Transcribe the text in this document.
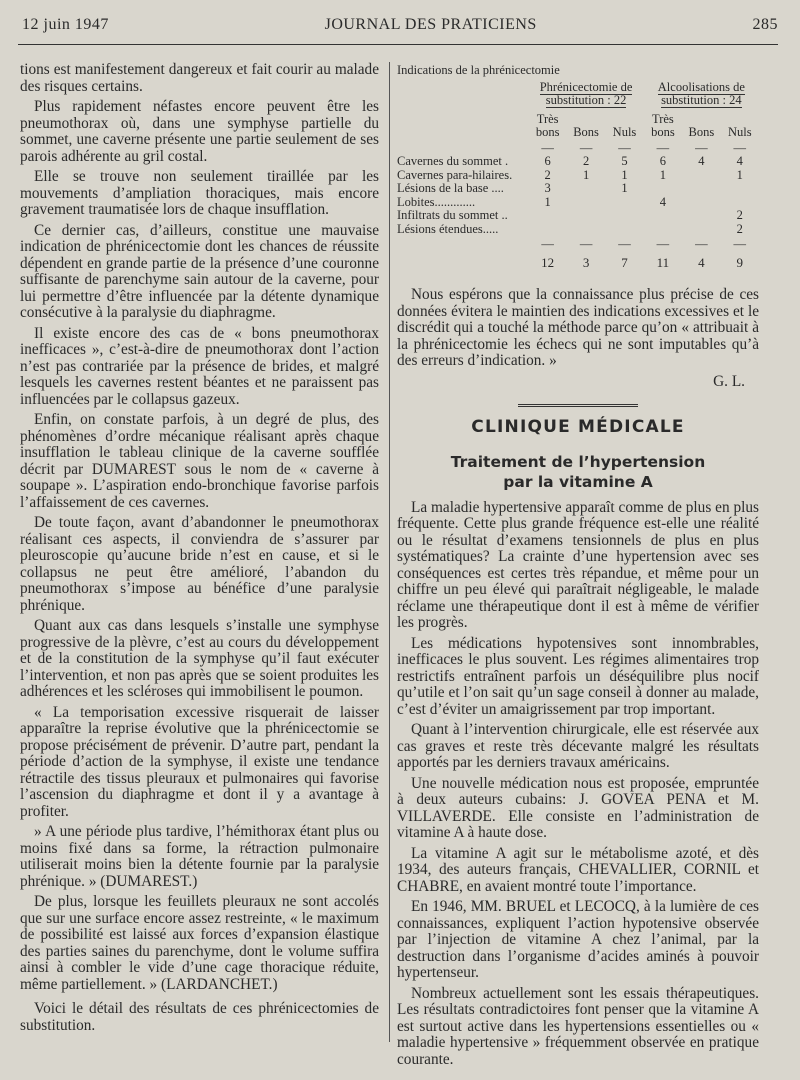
12 juin 1947	JOURNAL DES PRATICIENS	285

tions est manifestement dangereux et fait courir au malade des risques certains.

Plus rapidement néfastes encore peuvent être les pneumothorax où, dans une symphyse partielle du sommet, une caverne présente une partie seulement de ses parois adhérente au gril costal.

Elle se trouve non seulement tiraillée par les mouvements d’ampliation thoraciques, mais encore gravement traumatisée lors de chaque insufflation.

Ce dernier cas, d’ailleurs, constitue une mauvaise indication de phrénicectomie dont les chances de réussite dépendent en grande partie de la présence d’une couronne suffisante de parenchyme sain autour de la caverne, pour lui permettre d’être influencée par la détente dynamique consécutive à la paralysie du diaphragme.

Il existe encore des cas de « bons pneumothorax inefficaces », c’est-à-dire de pneumothorax dont l’action n’est pas contrariée par la présence de brides, et malgré lesquels les cavernes restent béantes et ne paraissent pas influencées par le collapsus gazeux.

Enfin, on constate parfois, à un degré de plus, des phénomènes d’ordre mécanique réalisant après chaque insufflation le tableau clinique de la caverne soufflée décrit par DUMAREST sous le nom de « caverne à soupape ». L’aspiration endo-bronchique favorise parfois l’affaissement de ces cavernes.

De toute façon, avant d’abandonner le pneumothorax réalisant ces aspects, il conviendra de s’assurer par pleuroscopie qu’aucune bride n’est en cause, et si le collapsus ne peut être amélioré, l’abandon du pneumothorax s’impose au bénéfice d’une paralysie phrénique.

Quant aux cas dans lesquels s’installe une symphyse progressive de la plèvre, c’est au cours du développement et de la constitution de la symphyse qu’il faut exécuter l’intervention, et non pas après que se soient produites les adhérences et les scléroses qui immobilisent le poumon.

« La temporisation excessive risquerait de laisser apparaître la reprise évolutive que la phrénicectomie se propose précisément de prévenir. D’autre part, pendant la période d’action de la symphyse, il existe une tendance rétractile des tissus pleuraux et pulmonaires qui favorise l’ascension du diaphragme et dont il y a avantage à profiter.

» A une période plus tardive, l’hémithorax étant plus ou moins fixé dans sa forme, la rétraction pulmonaire utiliserait moins bien la détente fournie par la paralysie phrénique. » (DUMAREST.)

De plus, lorsque les feuillets pleuraux ne sont accolés que sur une surface encore assez restreinte, « le maximum de possibilité est laissé aux forces d’expansion élastique des parties saines du parenchyme, dont le volume suffira ainsi à combler le vide d’une cage thoracique réduite, même partiellement. » (LARDANCHET.)

Voici le détail des résultats de ces phrénicectomies de substitution.

Indications de la phrénicectomie
	Phrénicectomie de substitution : 22			Alcoolisations de substitution : 24		

	Très			Très		
	bons	Bons	Nuls	bons	Bons	Nuls
	—	—	—	—	—	—
Cavernes du sommet .	6	2	5	6	4	4
Cavernes para-hilaires.	2	1	1	1		1
Lésions de la base ....	3		1			
Lobites.............	1			4		
Infiltrats du sommet ..						2
Lésions étendues.....						2
	—	—	—	—	—	—
	12	3	7	11	4	9

Nous espérons que la connaissance plus précise de ces données évitera le maintien des indications excessives et le discrédit qui a touché la méthode parce qu’on « attribuait à la phrénicectomie les échecs qui ne sont imputables qu’à des erreurs d’indication. »

G. L.
CLINIQUE MÉDICALE
Traitement de l’hypertension
par la vitamine A

La maladie hypertensive apparaît comme de plus en plus fréquente. Cette plus grande fréquence est-elle une réalité ou le résultat d’examens tensionnels de plus en plus systématiques? La crainte d’une hypertension avec ses conséquences est certes très répandue, et même pour un chiffre un peu élevé qui paraîtrait négligeable, le malade réclame une thérapeutique dont il est à même de vérifier les progrès.

Les médications hypotensives sont innombrables, inefficaces le plus souvent. Les régimes alimentaires trop restrictifs entraînent parfois un déséquilibre plus nocif qu’utile et l’on sait qu’un sage conseil à donner au malade, c’est d’éviter un amaigrissement par trop important.

Quant à l’intervention chirurgicale, elle est réservée aux cas graves et reste très décevante malgré les résultats apportés par les derniers travaux américains.

Une nouvelle médication nous est proposée, empruntée à deux auteurs cubains: J. GOVEA PENA et M. VILLAVERDE. Elle consiste en l’administration de vitamine A à haute dose.

La vitamine A agit sur le métabolisme azoté, et dès 1934, des auteurs français, CHEVALLIER, CORNIL et CHABRE, en avaient montré toute l’importance.

En 1946, MM. BRUEL et LECOCQ, à la lumière de ces connaissances, expliquent l’action hypotensive observée par l’injection de vitamine A chez l’animal, par la destruction dans l’organisme d’acides aminés à pouvoir hypertenseur.

Nombreux actuellement sont les essais thérapeutiques. Les résultats contradictoires font penser que la vitamine A est surtout active dans les hypertensions essentielles ou « maladie hypertensive » fréquemment observée en pratique courante.
